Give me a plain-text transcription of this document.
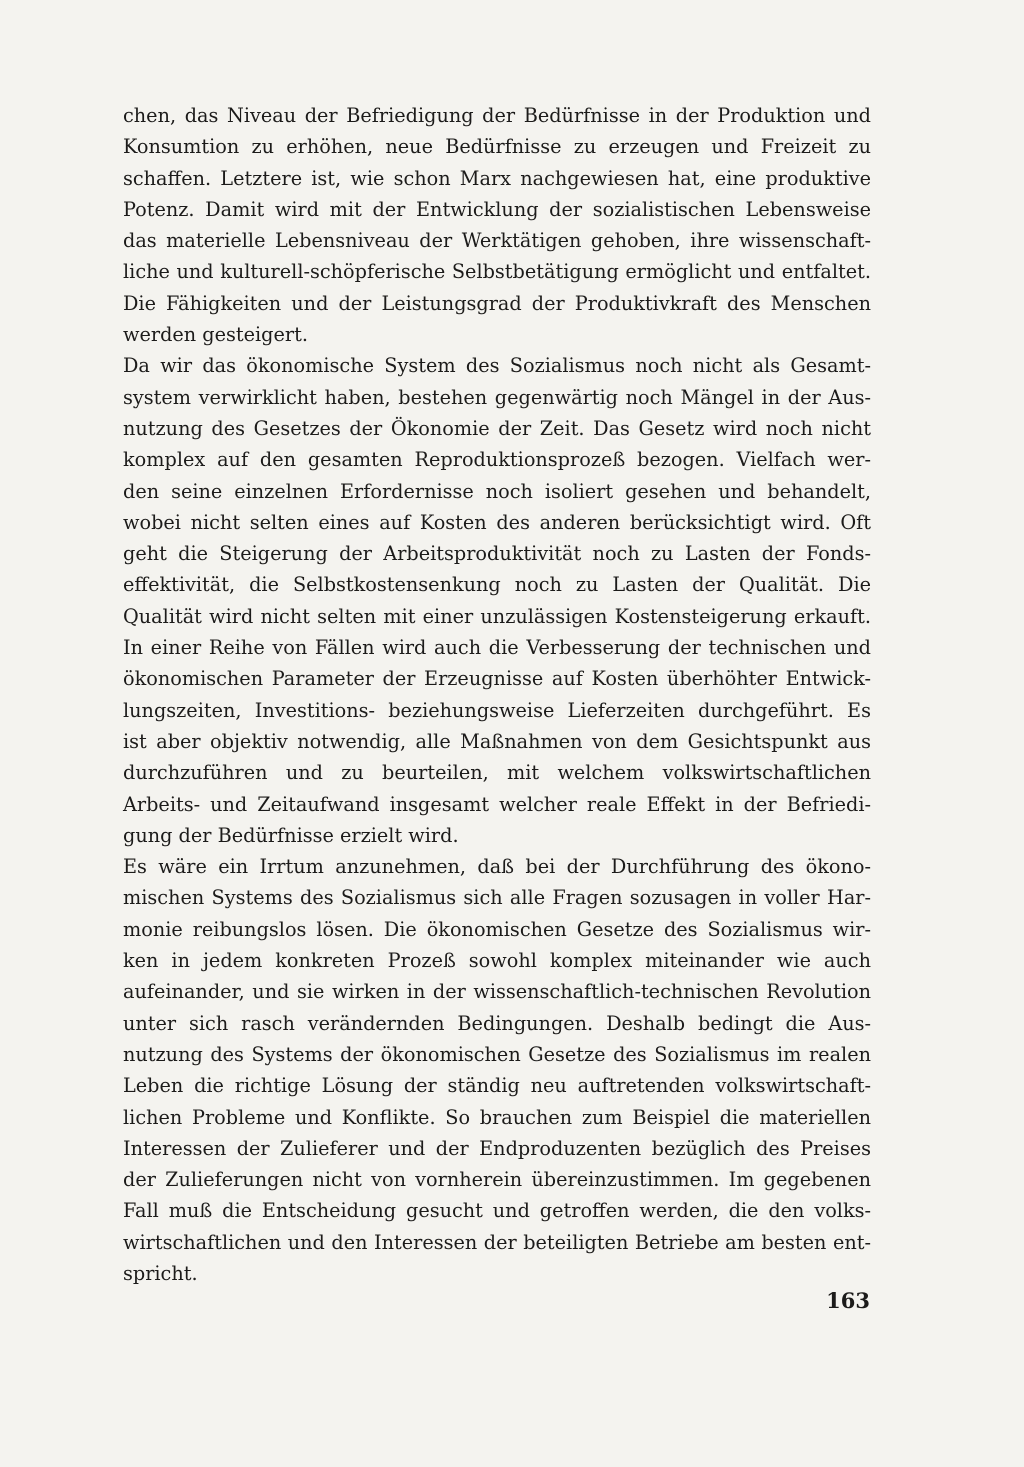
chen, das Niveau der Befriedigung der Bedürfnisse in der Produktion und
Konsumtion zu erhöhen, neue Bedürfnisse zu erzeugen und Freizeit zu
schaffen. Letztere ist, wie schon Marx nachgewiesen hat, eine produktive
Potenz. Damit wird mit der Entwicklung der sozialistischen Lebensweise
das materielle Lebensniveau der Werktätigen gehoben, ihre wissenschaft-
liche und kulturell-schöpferische Selbstbetätigung ermöglicht und entfaltet.
Die Fähigkeiten und der Leistungsgrad der Produktivkraft des Menschen
werden gesteigert.
Da wir das ökonomische System des Sozialismus noch nicht als Gesamt-
system verwirklicht haben, bestehen gegenwärtig noch Mängel in der Aus-
nutzung des Gesetzes der Ökonomie der Zeit. Das Gesetz wird noch nicht
komplex auf den gesamten Reproduktionsprozeß bezogen. Vielfach wer-
den seine einzelnen Erfordernisse noch isoliert gesehen und behandelt,
wobei nicht selten eines auf Kosten des anderen berücksichtigt wird. Oft
geht die Steigerung der Arbeitsproduktivität noch zu Lasten der Fonds-
effektivität, die Selbstkostensenkung noch zu Lasten der Qualität. Die
Qualität wird nicht selten mit einer unzulässigen Kostensteigerung erkauft.
In einer Reihe von Fällen wird auch die Verbesserung der technischen und
ökonomischen Parameter der Erzeugnisse auf Kosten überhöhter Entwick-
lungszeiten, Investitions- beziehungsweise Lieferzeiten durchgeführt. Es
ist aber objektiv notwendig, alle Maßnahmen von dem Gesichtspunkt aus
durchzuführen und zu beurteilen, mit welchem volkswirtschaftlichen
Arbeits- und Zeitaufwand insgesamt welcher reale Effekt in der Befriedi-
gung der Bedürfnisse erzielt wird.
Es wäre ein Irrtum anzunehmen, daß bei der Durchführung des ökono-
mischen Systems des Sozialismus sich alle Fragen sozusagen in voller Har-
monie reibungslos lösen. Die ökonomischen Gesetze des Sozialismus wir-
ken in jedem konkreten Prozeß sowohl komplex miteinander wie auch
aufeinander, und sie wirken in der wissenschaftlich-technischen Revolution
unter sich rasch verändernden Bedingungen. Deshalb bedingt die Aus-
nutzung des Systems der ökonomischen Gesetze des Sozialismus im realen
Leben die richtige Lösung der ständig neu auftretenden volkswirtschaft-
lichen Probleme und Konflikte. So brauchen zum Beispiel die materiellen
Interessen der Zulieferer und der Endproduzenten bezüglich des Preises
der Zulieferungen nicht von vornherein übereinzustimmen. Im gegebenen
Fall muß die Entscheidung gesucht und getroffen werden, die den volks-
wirtschaftlichen und den Interessen der beteiligten Betriebe am besten ent-
spricht.
163
